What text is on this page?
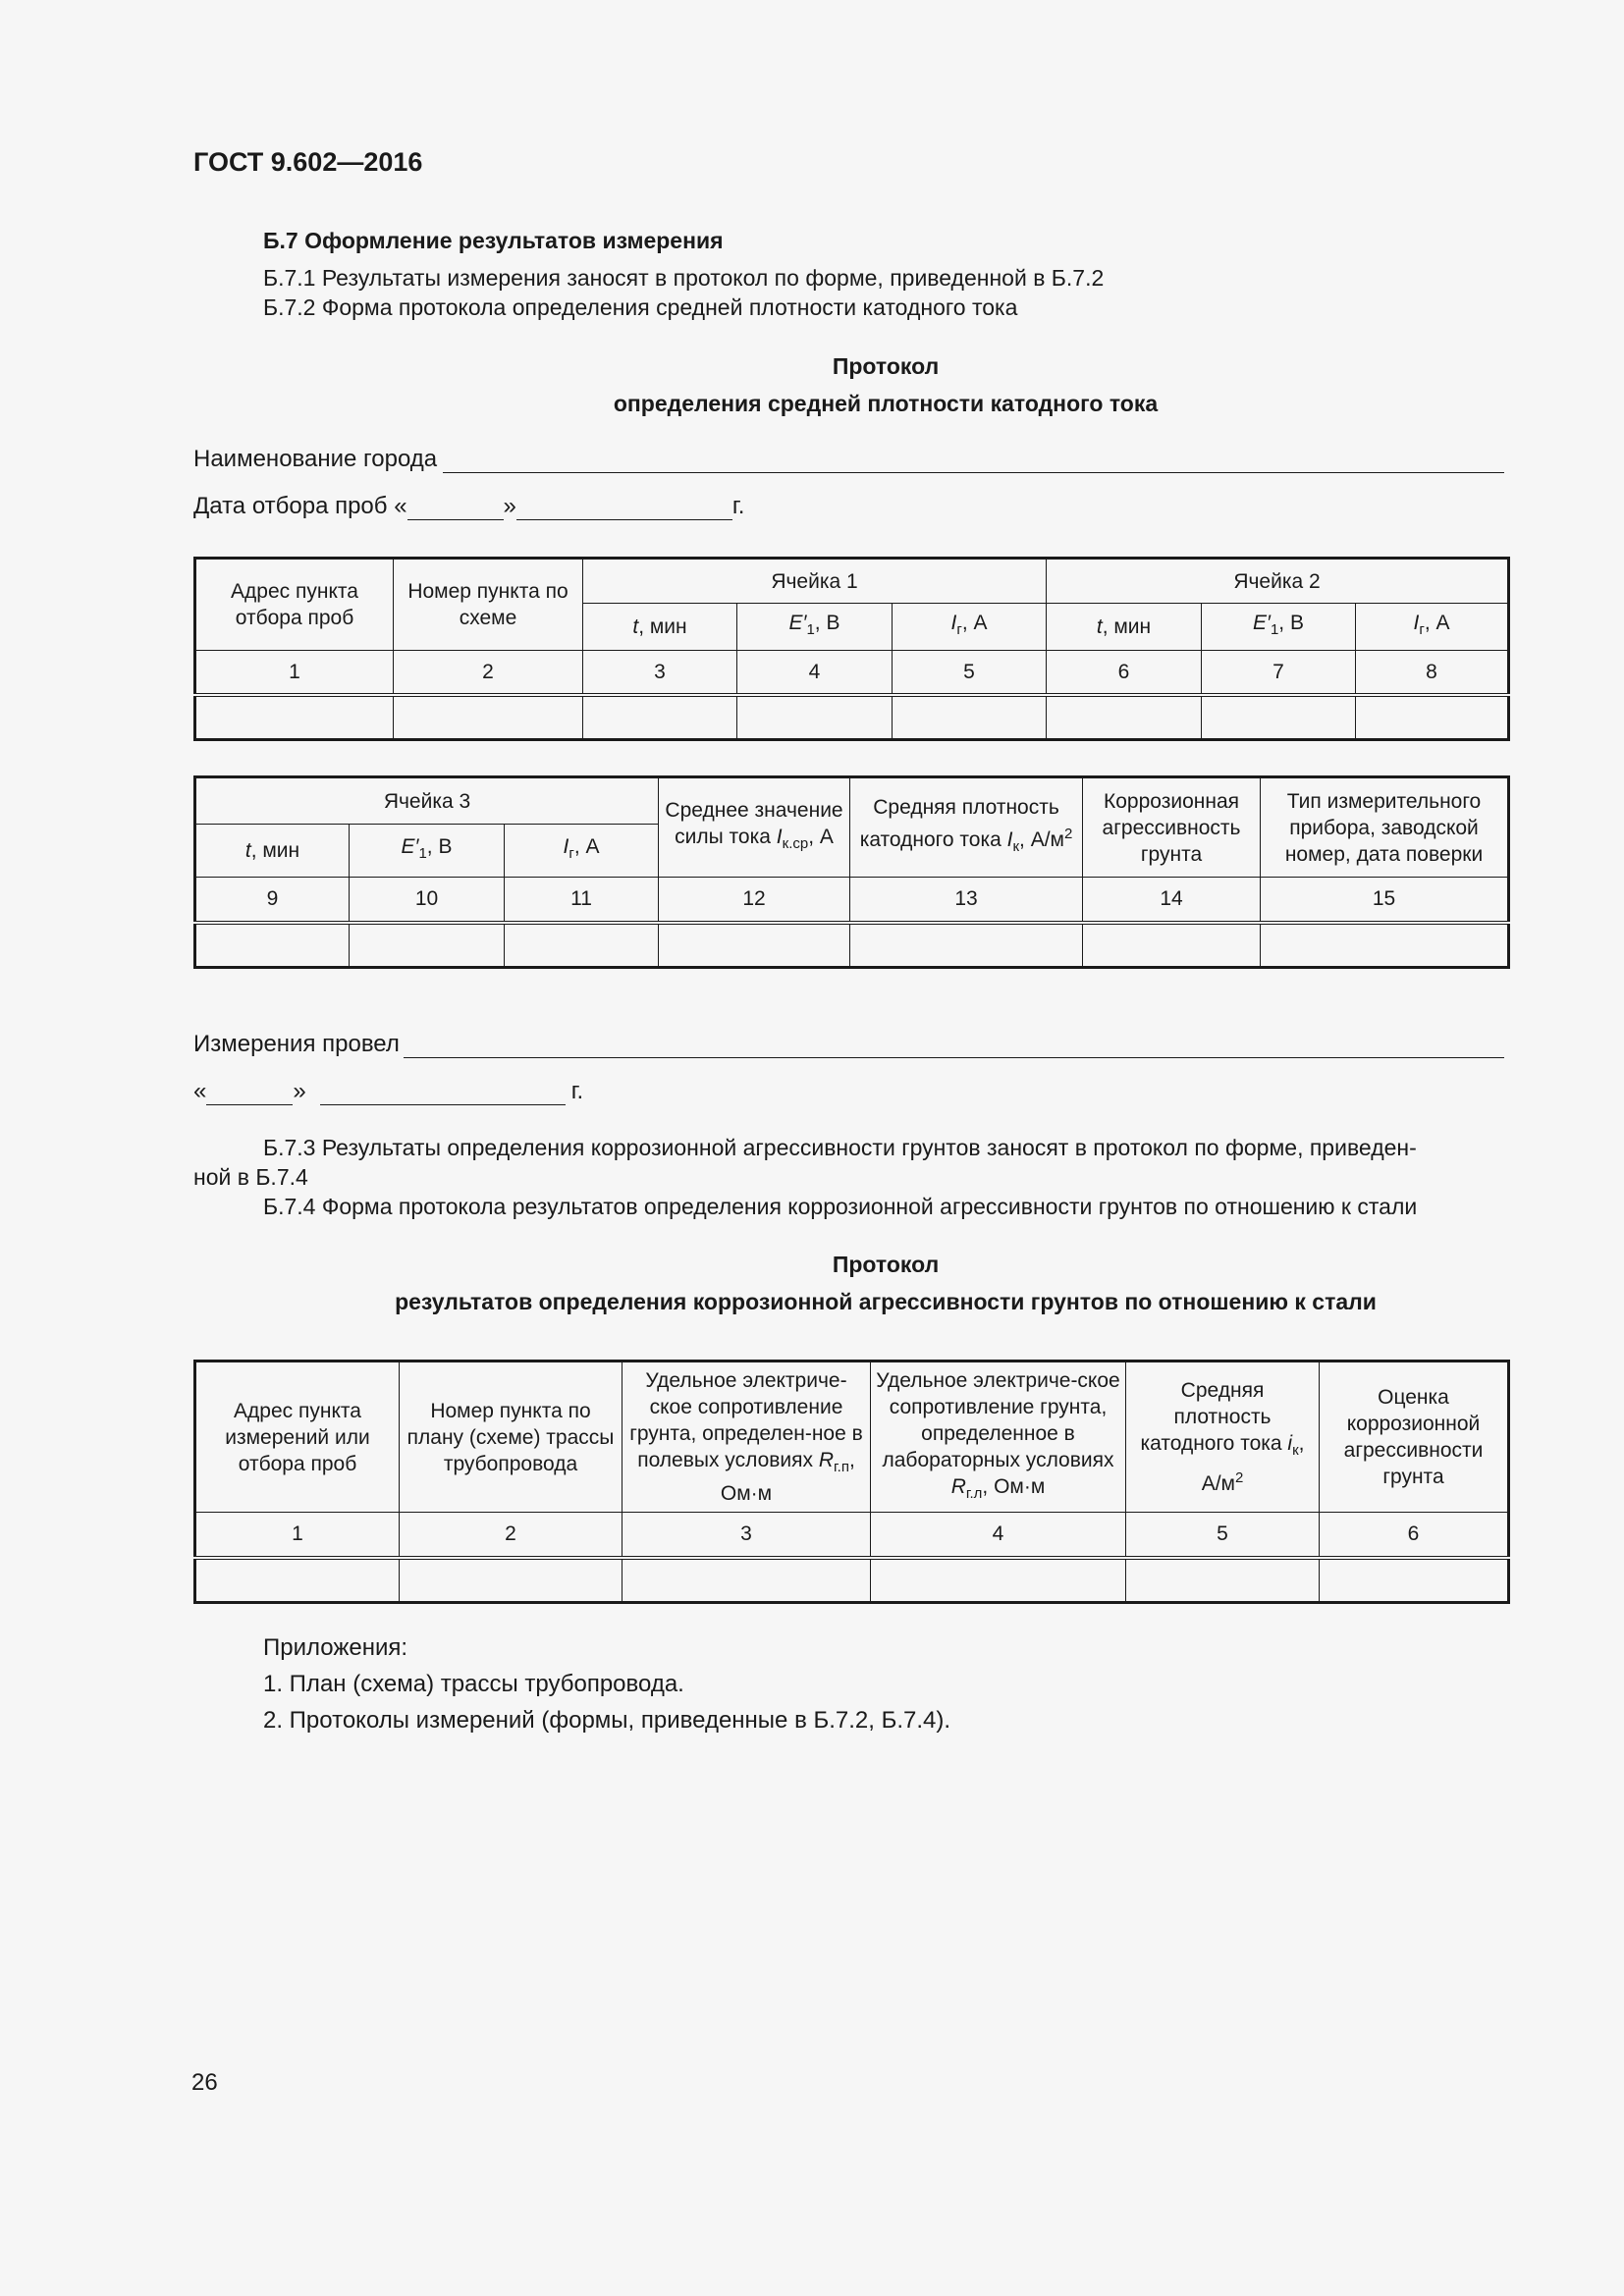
ГОСТ 9.602—2016
Б.7 Оформление результатов измерения
Б.7.1 Результаты измерения заносят в протокол по форме, приведенной в Б.7.2
Б.7.2 Форма протокола определения средней плотности катодного тока
Протокол
определения средней плотности катодного тока
Наименование города
Дата отбора проб «	»	г.
Адрес пункта отбора проб	Номер пункта по схеме	Ячейка 1			Ячейка 2		
		t, мин	$E'_1$, В	$I_г$, А	t, мин	$E'_1$, В	$I_г$, А
1	2	3	4	5	6	7	8

Ячейка 3			Среднее значение силы тока $I_{к.ср}$, А	Средняя плотность катодного тока $I_к$, $А/м^2$	Коррозионная агрессивность грунта	Тип измерительного прибора, заводской номер, дата поверки
t, мин	$E'_1$, В	$I_г$, А				
9	10	11	12	13	14	15

Измерения провел
«	»	г.
Б.7.3 Результаты определения коррозионной агрессивности грунтов заносят в протокол по форме, приведен-
ной в Б.7.4
Б.7.4 Форма протокола результатов определения коррозионной агрессивности грунтов по отношению к стали
Протокол
результатов определения коррозионной агрессивности грунтов по отношению к стали
Адрес пункта измерений или отбора проб	Номер пункта по плану (схеме) трассы трубопровода	Удельное электриче-ское сопротивление грунта, определен-ное в полевых условиях $R_{г.п}$, Ом·м	Удельное электриче-ское сопротивление грунта, определенное в лабораторных условиях $R_{г.л}$, Ом·м	Средняя плотность катодного тока $i_к$, $А/м^2$	Оценка коррозионной агрессивности грунта
1	2	3	4	5	6

Приложения:
1. План (схема) трассы трубопровода.
2. Протоколы измерений (формы, приведенные в Б.7.2, Б.7.4).
26
